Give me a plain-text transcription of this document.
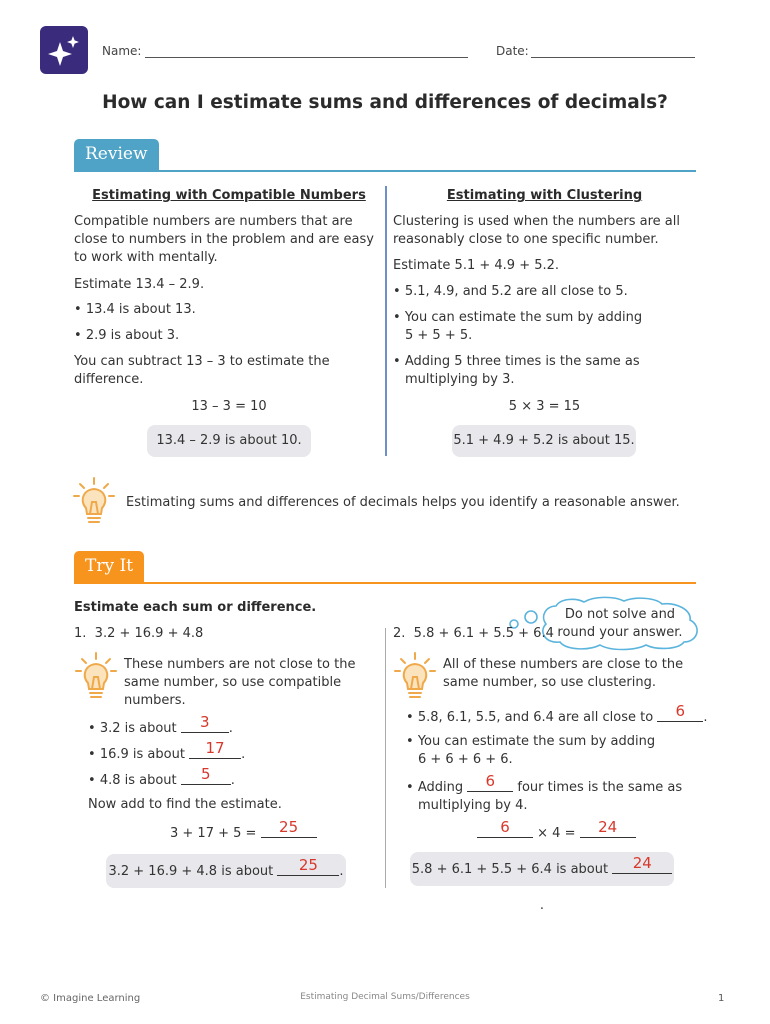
Name:	Date:
How can I estimate sums and differences of decimals?
Review
Estimating with Compatible Numbers
Compatible numbers are numbers that are close to numbers in the problem and are easy to work with mentally.
Estimate 13.4 – 2.9.
• 13.4 is about 13.
• 2.9 is about 3.
You can subtract 13 – 3 to estimate the difference.
13 – 3 = 10
13.4 – 2.9 is about 10.
Estimating with Clustering
Clustering is used when the numbers are all reasonably close to one specific number.
Estimate 5.1 + 4.9 + 5.2.
• 5.1, 4.9, and 5.2 are all close to 5.
• You can estimate the sum by adding 5 + 5 + 5.
• Adding 5 three times is the same as multiplying by 3.
5 × 3 = 15
5.1 + 4.9 + 5.2 is about 15.
Estimating sums and differences of decimals helps you identify a reasonable answer.
Try It
Estimate each sum or difference.	Do not solve and round your answer.
1. 3.2 + 16.9 + 4.8
These numbers are not close to the same number, so use compatible numbers.
• 3.2 is about 3 .
• 16.9 is about 17 .
• 4.8 is about 5 .
Now add to find the estimate.
3 + 17 + 5 = 25
3.2 + 16.9 + 4.8 is about 25 .
2. 5.8 + 6.1 + 5.5 + 6.4
All of these numbers are close to the same number, so use clustering.
• 5.8, 6.1, 5.5, and 6.4 are all close to 6 .
• You can estimate the sum by adding
6 + 6 + 6 + 6.
• Adding 6 four times is the same as
multiplying by 4.
6 × 4 = 24
5.8 + 6.1 + 5.5 + 6.4 is about 24.
© Imagine Learning	Estimating Decimal Sums/Differences	1
